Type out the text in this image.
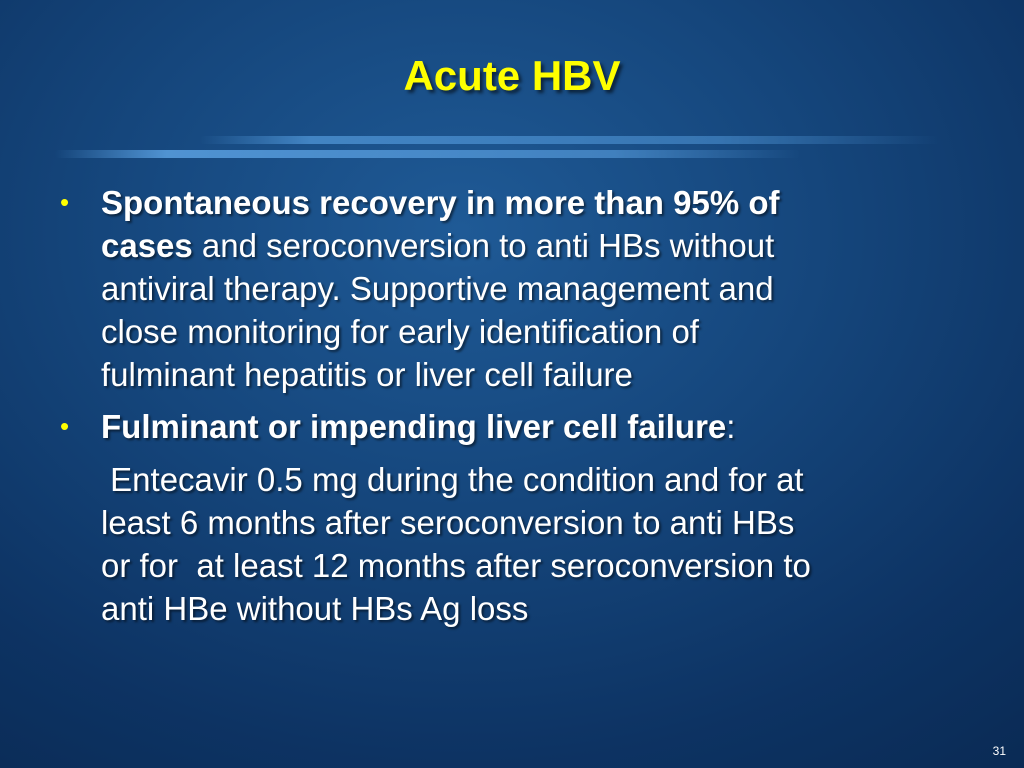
Acute HBV
• Spontaneous recovery in more than 95% of
cases and seroconversion to anti HBs without
antiviral therapy. Supportive management and
close monitoring for early identification of
fulminant hepatitis or liver cell failure
• Fulminant or impending liver cell failure:
Entecavir 0.5 mg during the condition and for at
least 6 months after seroconversion to anti HBs
or for  at least 12 months after seroconversion to
anti HBe without HBs Ag loss
31
